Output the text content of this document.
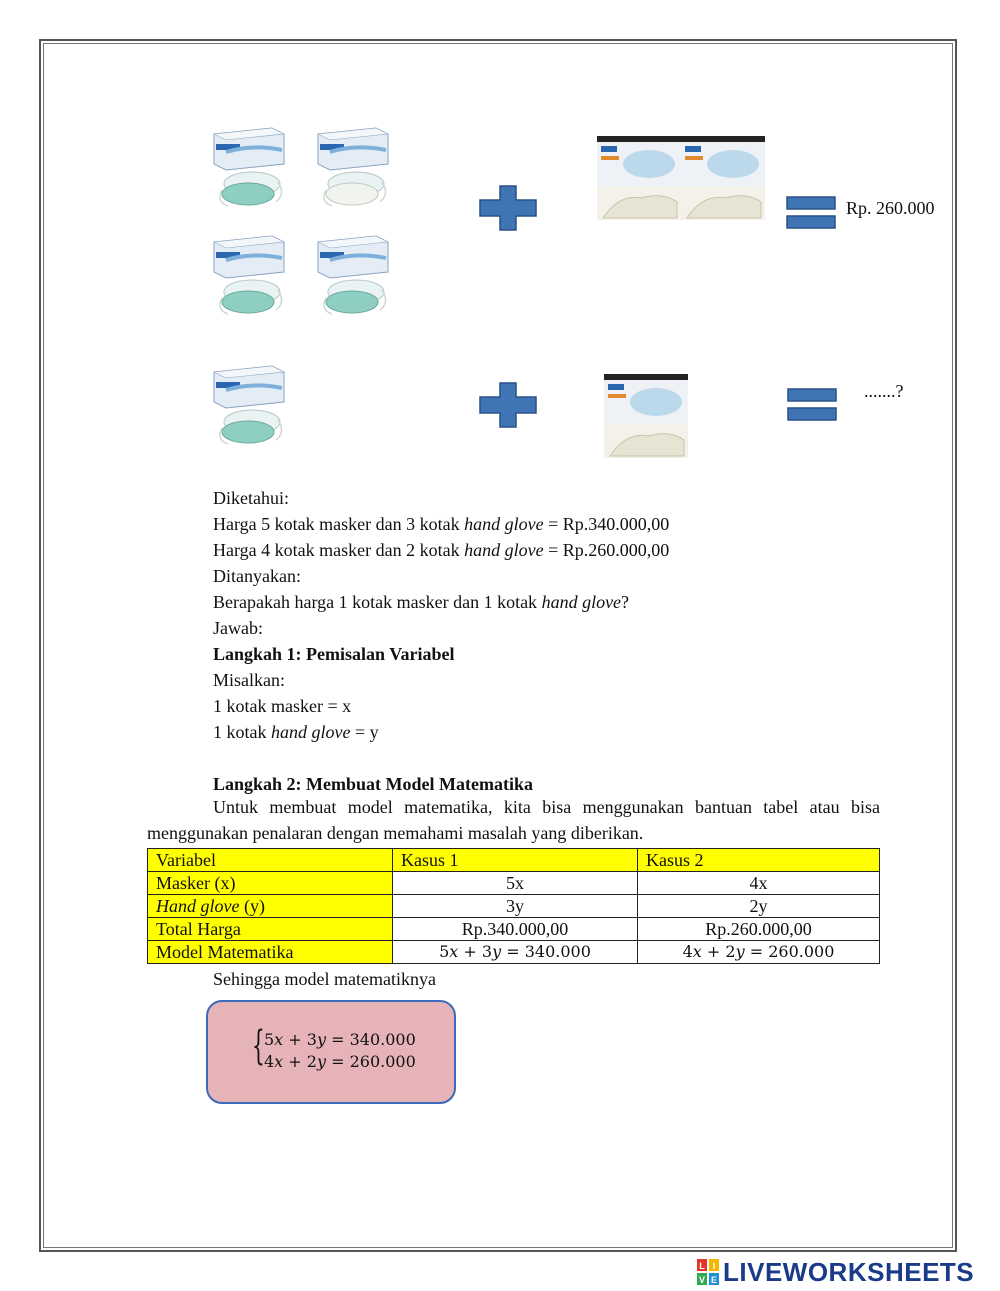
Rp. 260.000
.......?
Diketahui:
Harga 5 kotak masker dan 3 kotak hand glove = Rp.340.000,00
Harga 4 kotak masker dan 2 kotak hand glove = Rp.260.000,00
Ditanyakan:
Berapakah harga 1 kotak masker dan 1 kotak hand glove?
Jawab:
Langkah 1: Pemisalan Variabel
Misalkan:
1 kotak masker = x
1 kotak hand glove = y
Langkah 2: Membuat Model Matematika
Untuk membuat model matematika, kita bisa menggunakan bantuan tabel atau bisa menggunakan penalaran dengan memahami masalah yang diberikan.
Variabel	Kasus 1	Kasus 2
Masker (x)	5x	4x
Hand glove (y)	3y	2y
Total Harga	Rp.340.000,00	Rp.260.000,00
Model Matematika	5𝑥 + 3𝑦 = 340.000	4𝑥 + 2𝑦 = 260.000
Sehingga model matematiknya
{ 5𝑥 + 3𝑦 = 340.000
4𝑥 + 2𝑦 = 260.000
L I
V E LIVEWORKSHEETS
